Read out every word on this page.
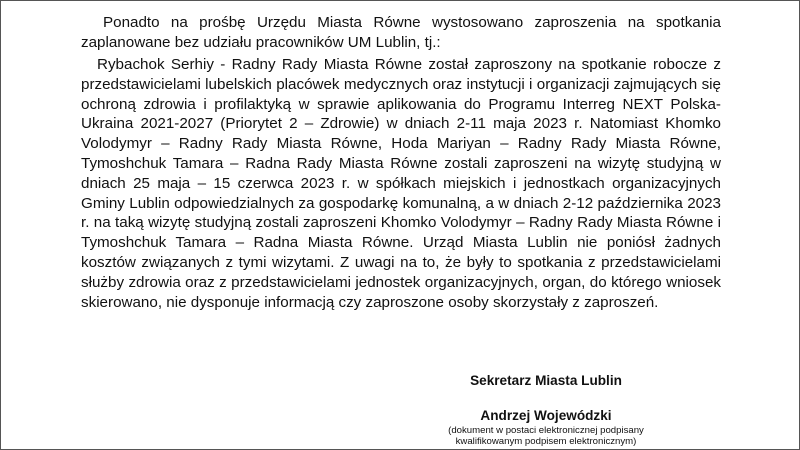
Ponadto na prośbę Urzędu Miasta Równe wystosowano zaproszenia na spotkania zaplanowane bez udziału pracowników UM Lublin, tj.:

Rybachok Serhiy - Radny Rady Miasta Równe został zaproszony na spotkanie robocze z przedstawicielami lubelskich placówek medycznych oraz instytucji i organizacji zajmujących się ochroną zdrowia i profilaktyką w sprawie aplikowania do Programu Interreg NEXT Polska-Ukraina 2021-2027 (Priorytet 2 – Zdrowie) w dniach 2-11 maja 2023 r. Natomiast Khomko Volodymyr – Radny Rady Miasta Równe, Hoda Mariyan – Radny Rady Miasta Równe, Tymoshchuk Tamara – Radna Rady Miasta Równe zostali zaproszeni na wizytę studyjną w dniach 25 maja – 15 czerwca 2023 r. w spółkach miejskich i jednostkach organizacyjnych Gminy Lublin odpowiedzialnych za gospodarkę komunalną, a w dniach 2-12 października 2023 r. na taką wizytę studyjną zostali zaproszeni Khomko Volodymyr – Radny Rady Miasta Równe i Tymoshchuk Tamara – Radna Miasta Równe. Urząd Miasta Lublin nie poniósł żadnych kosztów związanych z tymi wizytami. Z uwagi na to, że były to spotkania z przedstawicielami służby zdrowia oraz z przedstawicielami jednostek organizacyjnych, organ, do którego wniosek skierowano, nie dysponuje informacją czy zaproszone osoby skorzystały z zaproszeń.

Sekretarz Miasta Lublin
Andrzej Wojewódzki
(dokument w postaci elektronicznej podpisany
kwalifikowanym podpisem elektronicznym)
